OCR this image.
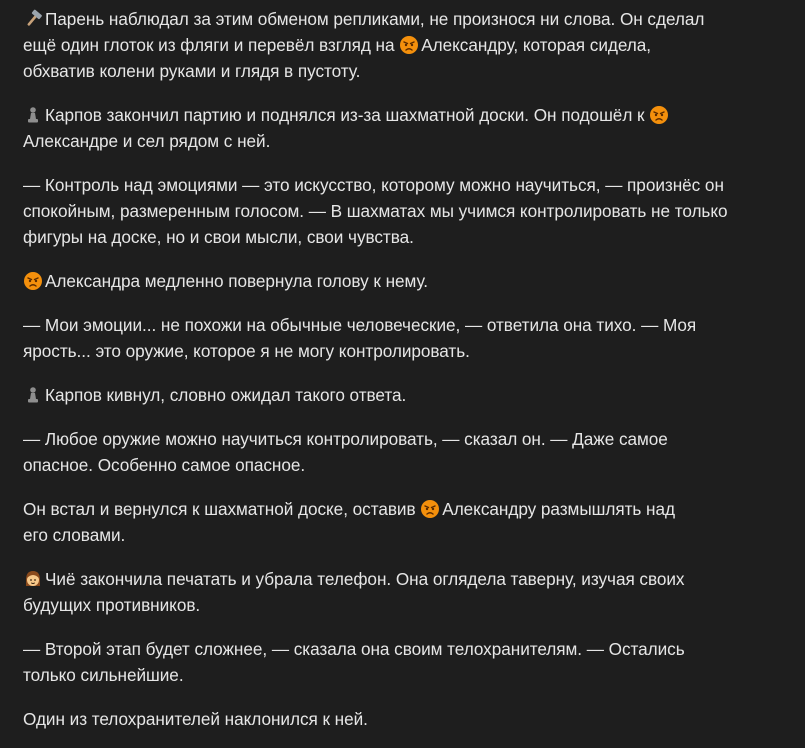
Парень наблюдал за этим обменом репликами, не произнося ни слова. Он сделал
ещё один глоток из фляги и перевёл взгляд на Александру, которая сидела,
обхватив колени руками и глядя в пустоту.

Карпов закончил партию и поднялся из-за шахматной доски. Он подошёл к

Александре и сел рядом с ней.

— Контроль над эмоциями — это искусство, которому можно научиться, — произнёс он
спокойным, размеренным голосом. — В шахматах мы учимся контролировать не только
фигуры на доске, но и свои мысли, свои чувства.

Александра медленно повернула голову к нему.

— Мои эмоции... не похожи на обычные человеческие, — ответила она тихо. — Моя
ярость... это оружие, которое я не могу контролировать.

Карпов кивнул, словно ожидал такого ответа.

— Любое оружие можно научиться контролировать, — сказал он. — Даже самое
опасное. Особенно самое опасное.

Он встал и вернулся к шахматной доске, оставив Александру размышлять над
его словами.

Чиё закончила печатать и убрала телефон. Она оглядела таверну, изучая своих
будущих противников.

— Второй этап будет сложнее, — сказала она своим телохранителям. — Остались
только сильнейшие.

Один из телохранителей наклонился к ней.
